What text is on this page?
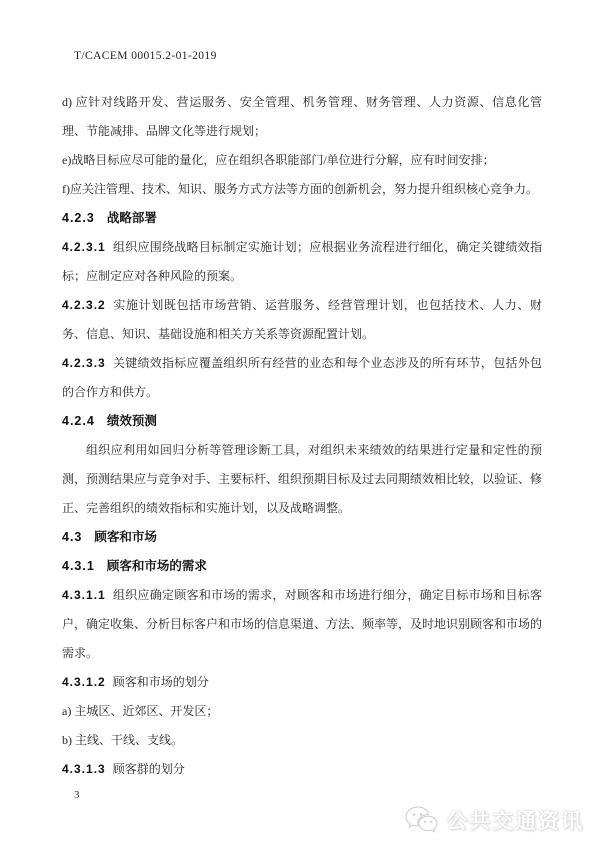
T/CACEM 00015.2-01-2019

d) 应针对线路开发、营运服务、安全管理、机务管理、财务管理、人力资源、信息化管理、节能减排、品牌文化等进行规划；

e)战略目标应尽可能的量化，应在组织各职能部门/单位进行分解，应有时间安排；

f)应关注管理、技术、知识、服务方式方法等方面的创新机会，努力提升组织核心竞争力。

4.2.3 战略部署

4.2.3.1 组织应围绕战略目标制定实施计划；应根据业务流程进行细化，确定关键绩效指标；应制定应对各种风险的预案。

4.2.3.2 实施计划既包括市场营销、运营服务、经营管理计划，也包括技术、人力、财务、信息、知识、基础设施和相关方关系等资源配置计划。

4.2.3.3 关键绩效指标应覆盖组织所有经营的业态和每个业态涉及的所有环节，包括外包的合作方和供方。

4.2.4 绩效预测

组织应利用如回归分析等管理诊断工具，对组织未来绩效的结果进行定量和定性的预测，预测结果应与竞争对手、主要标杆、组织预期目标及过去同期绩效相比较，以验证、修正、完善组织的绩效指标和实施计划，以及战略调整。

4.3 顾客和市场
4.3.1 顾客和市场的需求

4.3.1.1 组织应确定顾客和市场的需求，对顾客和市场进行细分，确定目标市场和目标客户，确定收集、分析目标客户和市场的信息渠道、方法、频率等，及时地识别顾客和市场的需求。

4.3.1.2 顾客和市场的划分

a) 主城区、近郊区、开发区；

b) 主线、干线、支线。

4.3.1.3 顾客群的划分

3
公共交通资讯
